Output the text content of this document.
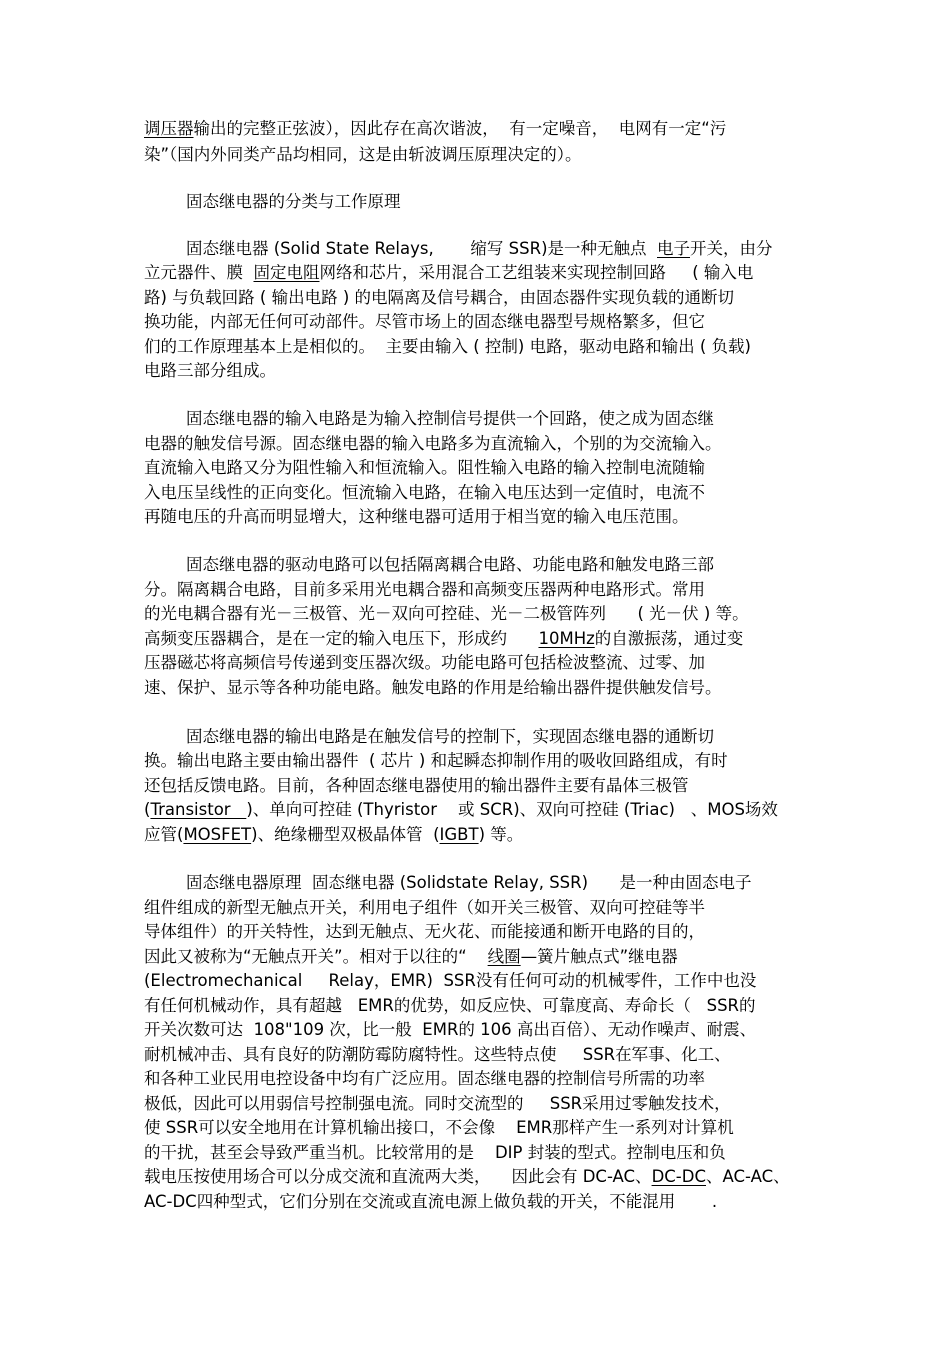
调压器输出的完整正弦波），因此存在高次谐波，  有一定噪音，  电网有一定“污
染”（国内外同类产品均相同，这是由斩波调压原理决定的）。
固态继电器的分类与工作原理
固态继电器 (Solid State Relays,       缩写 SSR)是一种无触点  电子开关，由分
立元器件、膜  固定电阻网络和芯片，采用混合工艺组装来实现控制回路     ( 输入电
路) 与负载回路 ( 输出电路 ) 的电隔离及信号耦合，由固态器件实现负载的通断切
换功能，内部无任何可动部件。尽管市场上的固态继电器型号规格繁多，但它
们的工作原理基本上是相似的。  主要由输入 ( 控制) 电路，驱动电路和输出 ( 负载)
电路三部分组成。
固态继电器的输入电路是为输入控制信号提供一个回路，使之成为固态继
电器的触发信号源。固态继电器的输入电路多为直流输入，个别的为交流输入。
直流输入电路又分为阻性输入和恒流输入。阻性输入电路的输入控制电流随输
入电压呈线性的正向变化。恒流输入电路，在输入电压达到一定值时，电流不
再随电压的升高而明显增大，这种继电器可适用于相当宽的输入电压范围。
固态继电器的驱动电路可以包括隔离耦合电路、功能电路和触发电路三部
分。隔离耦合电路，目前多采用光电耦合器和高频变压器两种电路形式。常用
的光电耦合器有光－三极管、光－双向可控硅、光－二极管阵列      ( 光－伏 ) 等。
高频变压器耦合，是在一定的输入电压下，形成约      10MHz的自激振荡，通过变
压器磁芯将高频信号传递到变压器次级。功能电路可包括检波整流、过零、加
速、保护、显示等各种功能电路。触发电路的作用是给输出器件提供触发信号。
固态继电器的输出电路是在触发信号的控制下，实现固态继电器的通断切
换。输出电路主要由输出器件  ( 芯片 ) 和起瞬态抑制作用的吸收回路组成，有时
还包括反馈电路。目前，各种固态继电器使用的输出器件主要有晶体三极管
(Transistor   )、单向可控硅 (Thyristor    或 SCR)、双向可控硅 (Triac)   、MOS场效
应管(MOSFET)、绝缘栅型双极晶体管  (IGBT) 等。
固态继电器原理  固态继电器 (Solidstate Relay, SSR)      是一种由固态电子
组件组成的新型无触点开关，利用电子组件（如开关三极管、双向可控硅等半
导体组件）的开关特性，达到无触点、无火花、而能接通和断开电路的目的，
因此又被称为“无触点开关”。相对于以往的“    线圈—簧片触点式”继电器
(Electromechanical     Relay，EMR)  SSR没有任何可动的机械零件，工作中也没
有任何机械动作，具有超越   EMR的优势，如反应快、可靠度高、寿命长（   SSR的
开关次数可达  108"109 次，比一般  EMR的 106 高出百倍）、无动作噪声、耐震、
耐机械冲击、具有良好的防潮防霉防腐特性。这些特点使     SSR在军事、化工、
和各种工业民用电控设备中均有广泛应用。固态继电器的控制信号所需的功率
极低，因此可以用弱信号控制强电流。同时交流型的     SSR采用过零触发技术，
使 SSR可以安全地用在计算机输出接口，不会像    EMR那样产生一系列对计算机
的干扰，甚至会导致严重当机。比较常用的是    DIP 封装的型式。控制电压和负
载电压按使用场合可以分成交流和直流两大类，    因此会有 DC-AC、DC-DC、AC-AC、
AC-DC四种型式，它们分别在交流或直流电源上做负载的开关，不能混用       .
